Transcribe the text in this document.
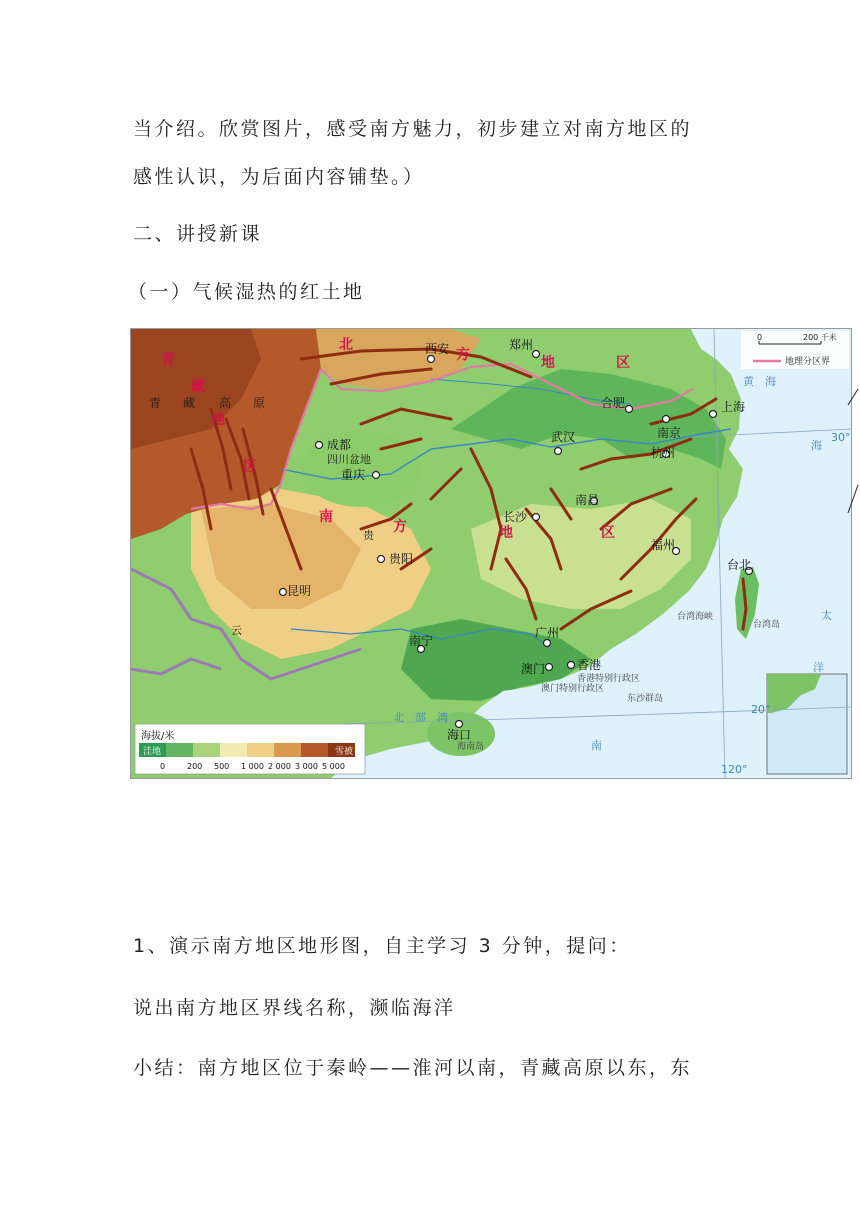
当介绍。欣赏图片，感受南方魅力，初步建立对南方地区的
感性认识，为后面内容铺垫。）
二、讲授新课
（一）气候湿热的红土地
北
方	地	区
南
方	地	区
青
藏
地
区
青 藏 高 原
西安	郑州
合肥
南京
上海
武汉
杭州
成都
重庆
长沙
南昌
贵阳
福州
昆明
台北
南宁
广州
香港
澳门
海口
四川盆地
云
贵
黄　海
海
太
洋
北　部　湾
南
30°
20°
120°
台湾海峡
台湾岛
海南岛
香港特别行政区
澳门特别行政区
东沙群岛
0	200 千米
地理分区界
海拔/米
0	200 500 1 000 2 000 3 000 5 000
洼地	雪被
1、演示南方地区地形图，自主学习 3 分钟，提问：
说出南方地区界线名称，濒临海洋
小结：南方地区位于秦岭——淮河以南，青藏高原以东，东
